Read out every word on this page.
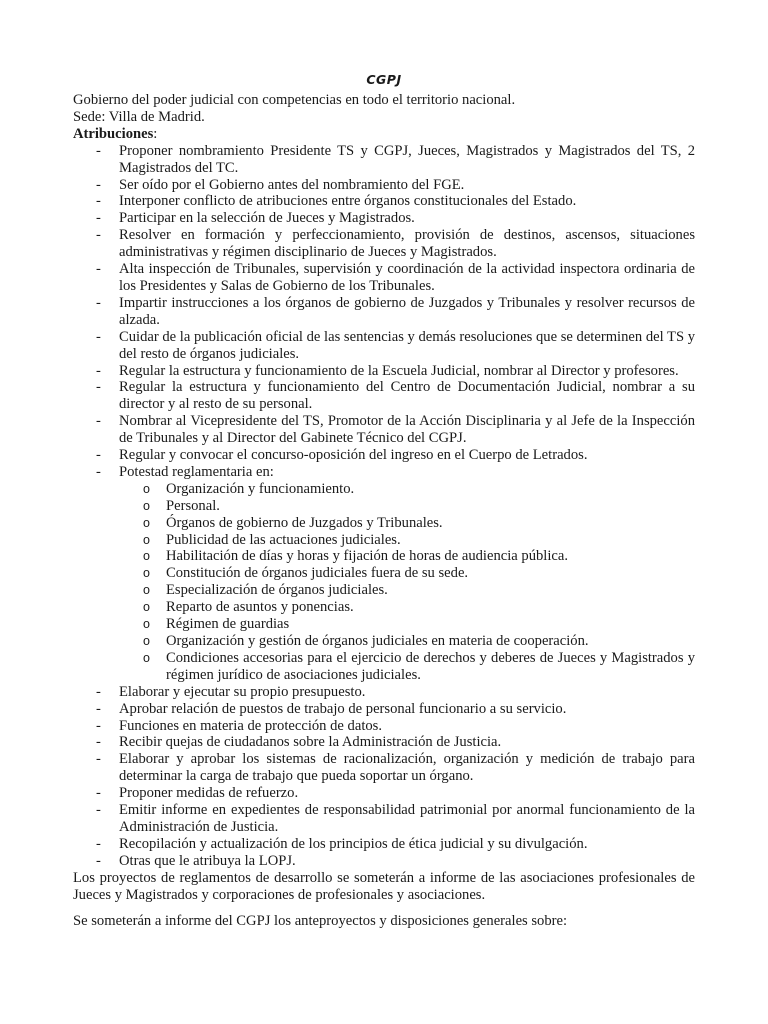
CGPJ

Gobierno del poder judicial con competencias en todo el territorio nacional.

Sede: Villa de Madrid.

Atribuciones:

- Proponer nombramiento Presidente TS y CGPJ, Jueces, Magistrados y Magistrados del TS, 2 Magistrados del TC.
- Ser oído por el Gobierno antes del nombramiento del FGE.
- Interponer conflicto de atribuciones entre órganos constitucionales del Estado.
- Participar en la selección de Jueces y Magistrados.
- Resolver en formación y perfeccionamiento, provisión de destinos, ascensos, situaciones administrativas y régimen disciplinario de Jueces y Magistrados.
- Alta inspección de Tribunales, supervisión y coordinación de la actividad inspectora ordinaria de los Presidentes y Salas de Gobierno de los Tribunales.
- Impartir instrucciones a los órganos de gobierno de Juzgados y Tribunales y resolver recursos de alzada.
- Cuidar de la publicación oficial de las sentencias y demás resoluciones que se determinen del TS y del resto de órganos judiciales.
- Regular la estructura y funcionamiento de la Escuela Judicial, nombrar al Director y profesores.
- Regular la estructura y funcionamiento del Centro de Documentación Judicial, nombrar a su director y al resto de su personal.
- Nombrar al Vicepresidente del TS, Promotor de la Acción Disciplinaria y al Jefe de la Inspección de Tribunales y al Director del Gabinete Técnico del CGPJ.
- Regular y convocar el concurso-oposición del ingreso en el Cuerpo de Letrados.
- Potestad reglamentaria en:
o Organización y funcionamiento.
o Personal.
o Órganos de gobierno de Juzgados y Tribunales.
o Publicidad de las actuaciones judiciales.
o Habilitación de días y horas y fijación de horas de audiencia pública.
o Constitución de órganos judiciales fuera de su sede.
o Especialización de órganos judiciales.
o Reparto de asuntos y ponencias.
o Régimen de guardias
o Organización y gestión de órganos judiciales en materia de cooperación.
o Condiciones accesorias para el ejercicio de derechos y deberes de Jueces y Magistrados y régimen jurídico de asociaciones judiciales.
- Elaborar y ejecutar su propio presupuesto.
- Aprobar relación de puestos de trabajo de personal funcionario a su servicio.
- Funciones en materia de protección de datos.
- Recibir quejas de ciudadanos sobre la Administración de Justicia.
- Elaborar y aprobar los sistemas de racionalización, organización y medición de trabajo para determinar la carga de trabajo que pueda soportar un órgano.
- Proponer medidas de refuerzo.
- Emitir informe en expedientes de responsabilidad patrimonial por anormal funcionamiento de la Administración de Justicia.
- Recopilación y actualización de los principios de ética judicial y su divulgación.
- Otras que le atribuya la LOPJ.

Los proyectos de reglamentos de desarrollo se someterán a informe de las asociaciones profesionales de Jueces y Magistrados y corporaciones de profesionales y asociaciones.

Se someterán a informe del CGPJ los anteproyectos y disposiciones generales sobre:
